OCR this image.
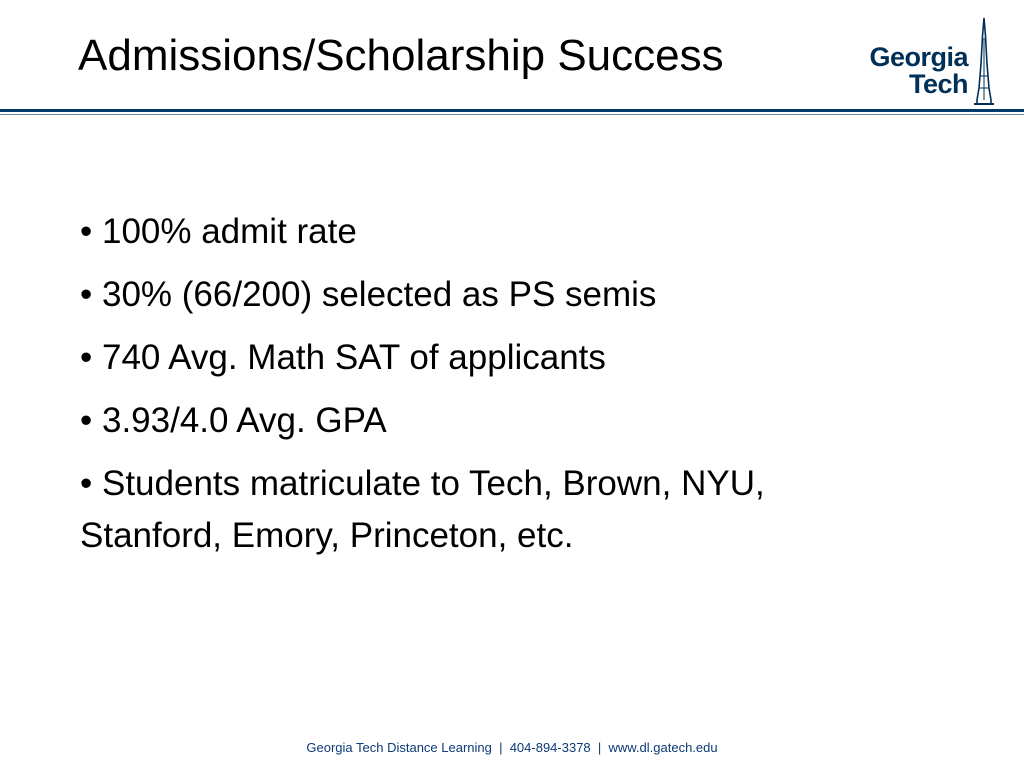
Admissions/Scholarship Success	Georgia
Tech
• 100% admit rate
• 30% (66/200) selected as PS semis
• 740 Avg. Math SAT of applicants
• 3.93/4.0 Avg. GPA
• Students matriculate to Tech, Brown, NYU, Stanford, Emory, Princeton, etc.
Georgia Tech Distance Learning  |  404-894-3378  |  www.dl.gatech.edu
